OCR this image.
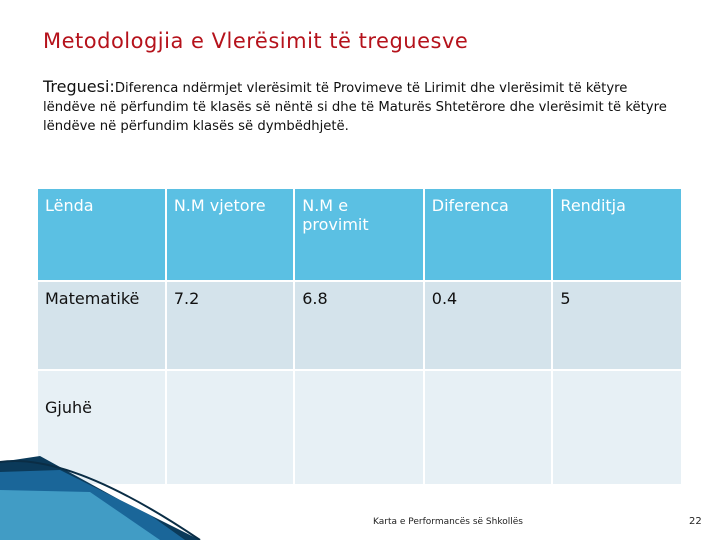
Metodologjia e Vlerësimit të treguesve
Treguesi:Diferenca ndërmjet vlerësimit të Provimeve të Lirimit dhe vlerësimit të këtyre lëndëve në përfundim të klasës së nëntë si dhe të Maturës Shtetërore dhe vlerësimit të këtyre lëndëve në përfundim klasës së dymbëdhjetë.
Lënda	N.M vjetore	N.M e provimit	Diferenca	Renditja
Matematikë	7.2	6.8	0.4	5
Gjuhë				
Karta e Performancës së Shkollës	22
